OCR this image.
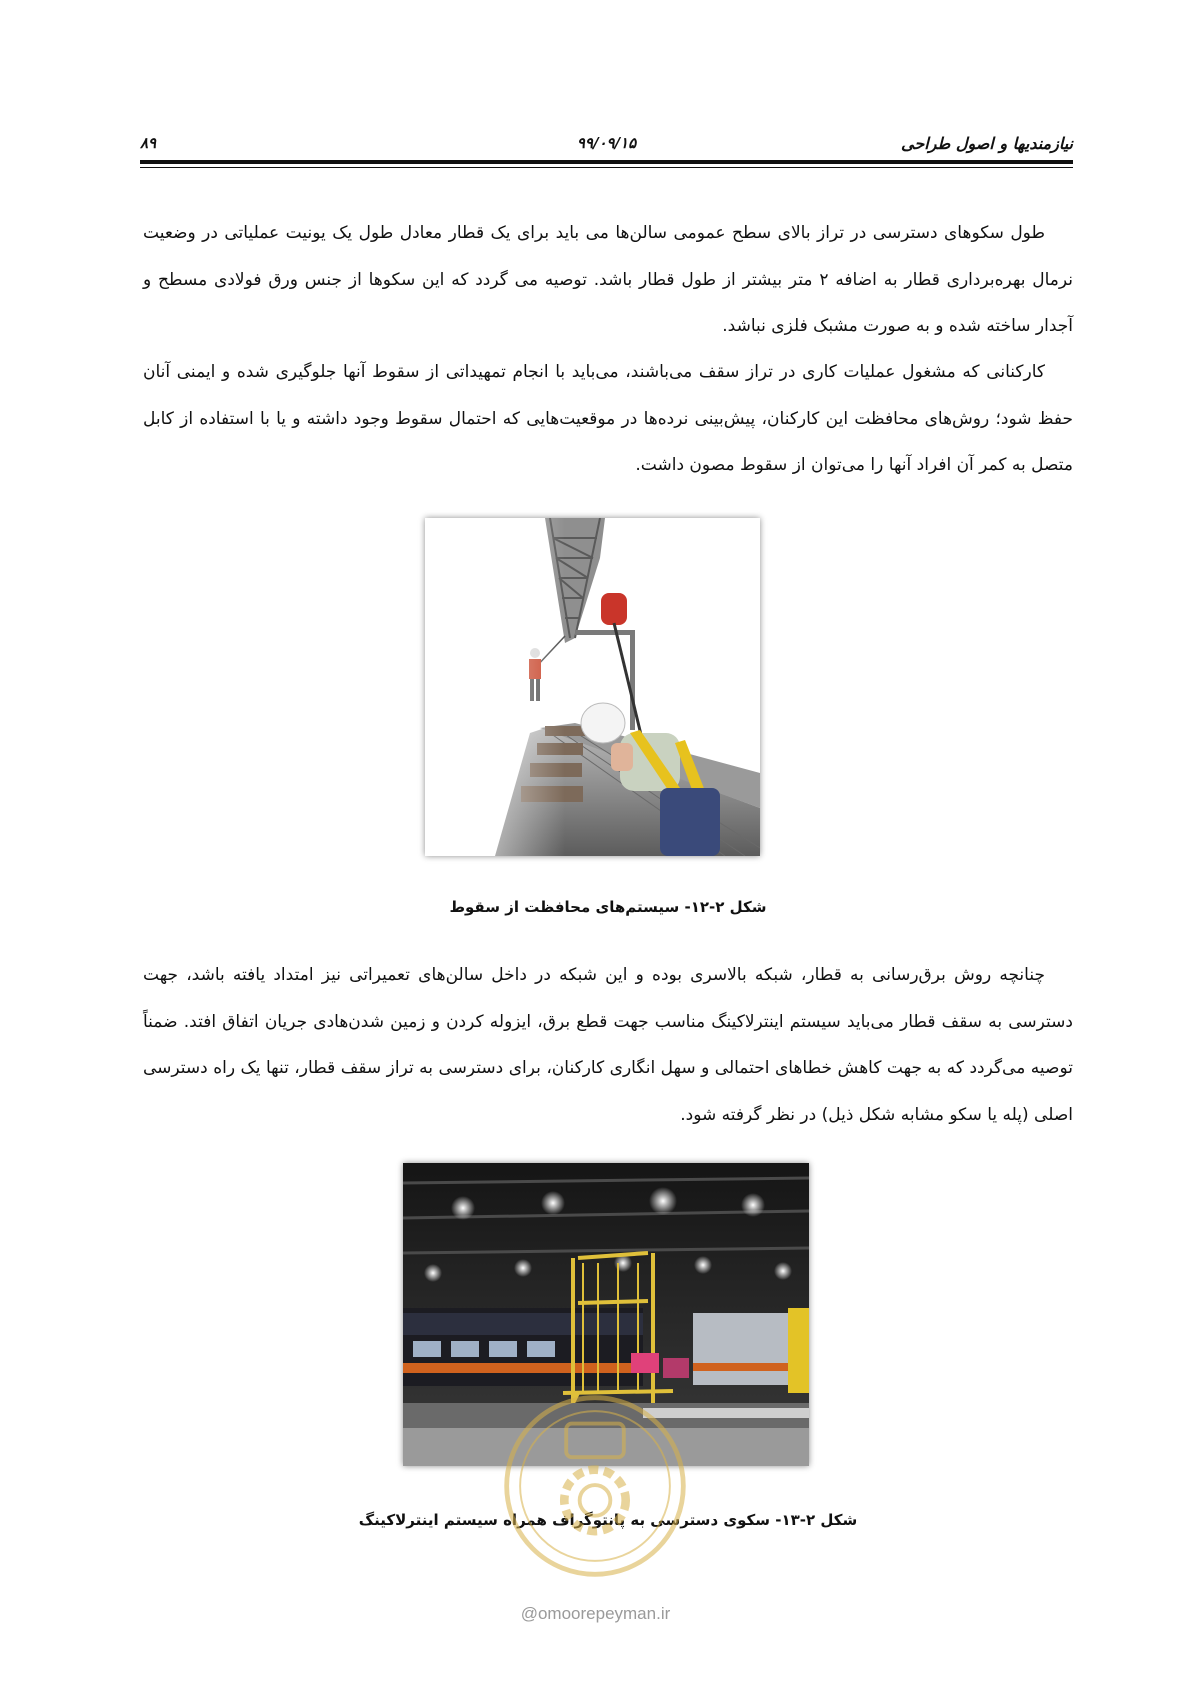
نیازمندیها و اصول طراحی
۹۹/۰۹/۱۵
۸۹

طول سکوهای دسترسی در تراز بالای سطح عمومی سالن‌ها می باید برای یک قطار معادل طول یک یونیت عملیاتی در وضعیت نرمال بهره‌برداری قطار به اضافه ۲ متر بیشتر از طول قطار باشد. توصیه می گردد که این سکوها از جنس ورق فولادی مسطح و آجدار ساخته شده و به صورت مشبک فلزی نباشد.

کارکنانی که مشغول عملیات کاری در تراز سقف می‌باشند، می‌باید با انجام تمهیداتی از سقوط آنها جلوگیری شده و ایمنی آنان حفظ شود؛ روش‌های محافظت این کارکنان، پیش‌بینی نرده‌ها در موقعیت‌هایی که احتمال سقوط وجود داشته و یا با استفاده از کابل متصل به کمر آن افراد آنها را می‌توان از سقوط مصون داشت.

شکل ۲-۱۲- سیستم‌های محافظت از سقوط

چنانچه روش برق‌رسانی به قطار، شبکه بالاسری بوده و این شبکه در داخل سالن‌های تعمیراتی نیز امتداد یافته باشد، جهت دسترسی به سقف قطار می‌باید سیستم اینترلاکینگ مناسب جهت قطع برق، ایزوله کردن و زمین شدن‌هادی جریان اتفاق افتد. ضمناً توصیه می‌گردد که به جهت کاهش خطاهای احتمالی و سهل انگاری کارکنان، برای دسترسی به تراز سقف قطار، تنها یک راه دسترسی اصلی (پله یا سکو مشابه شکل ذیل) در نظر گرفته شود.

شکل ۲-۱۳- سکوی دسترسی به پانتوگراف همراه سیستم اینترلاکینگ

@omoorepeyman.ir
